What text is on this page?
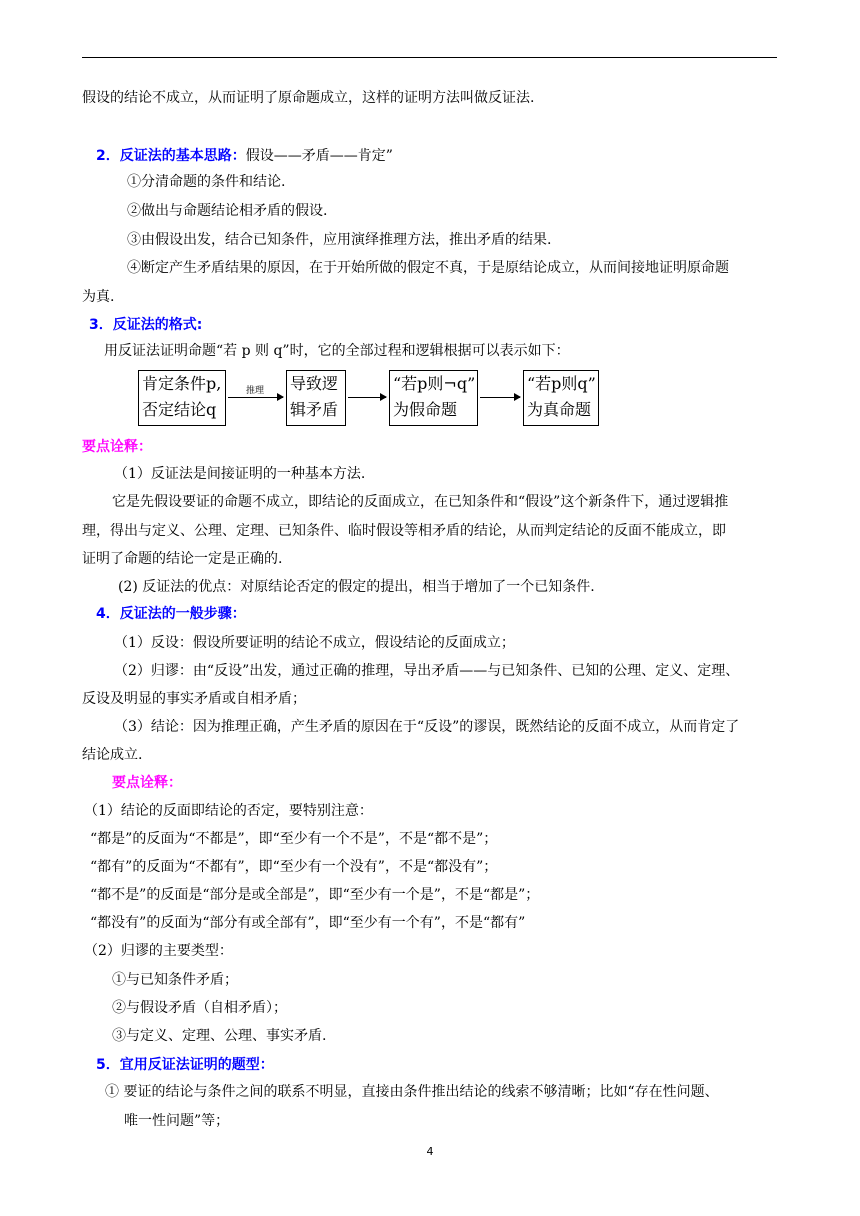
假设的结论不成立，从而证明了原命题成立，这样的证明方法叫做反证法.
2．反证法的基本思路：假设——矛盾——肯定”
①分清命题的条件和结论.
②做出与命题结论相矛盾的假设.
③由假设出发，结合已知条件，应用演绎推理方法，推出矛盾的结果.
④断定产生矛盾结果的原因，在于开始所做的假定不真，于是原结论成立，从而间接地证明原命题
为真.
3．反证法的格式:
用反证法证明命题“若 p 则 q”时，它的全部过程和逻辑根据可以表示如下：
肯定条件p,
否定结论q
推理 导致逻
辑矛盾
“若p则¬q”
为假命题
“若p则q”
为真命题
要点诠释：
（1）反证法是间接证明的一种基本方法.
它是先假设要证的命题不成立，即结论的反面成立，在已知条件和“假设”这个新条件下，通过逻辑推
理，得出与定义、公理、定理、已知条件、临时假设等相矛盾的结论，从而判定结论的反面不能成立，即
证明了命题的结论一定是正确的.
(2) 反证法的优点：对原结论否定的假定的提出，相当于增加了一个已知条件.
4．反证法的一般步骤：
（1）反设：假设所要证明的结论不成立，假设结论的反面成立；
（2）归谬：由“反设”出发，通过正确的推理，导出矛盾——与已知条件、已知的公理、定义、定理、
反设及明显的事实矛盾或自相矛盾；
（3）结论：因为推理正确，产生矛盾的原因在于“反设”的谬误，既然结论的反面不成立，从而肯定了
结论成立.
要点诠释：
（1）结论的反面即结论的否定，要特别注意：
“都是”的反面为“不都是”，即“至少有一个不是”，不是“都不是”；
“都有”的反面为“不都有”，即“至少有一个没有”，不是“都没有”；
“都不是”的反面是“部分是或全部是”，即“至少有一个是”，不是“都是”；
“都没有”的反面为“部分有或全部有”，即“至少有一个有”，不是“都有”
（2）归谬的主要类型：
①与已知条件矛盾；
②与假设矛盾（自相矛盾）；
③与定义、定理、公理、事实矛盾.
5．宜用反证法证明的题型：
① 要证的结论与条件之间的联系不明显，直接由条件推出结论的线索不够清晰；比如“存在性问题、
唯一性问题”等；
4
